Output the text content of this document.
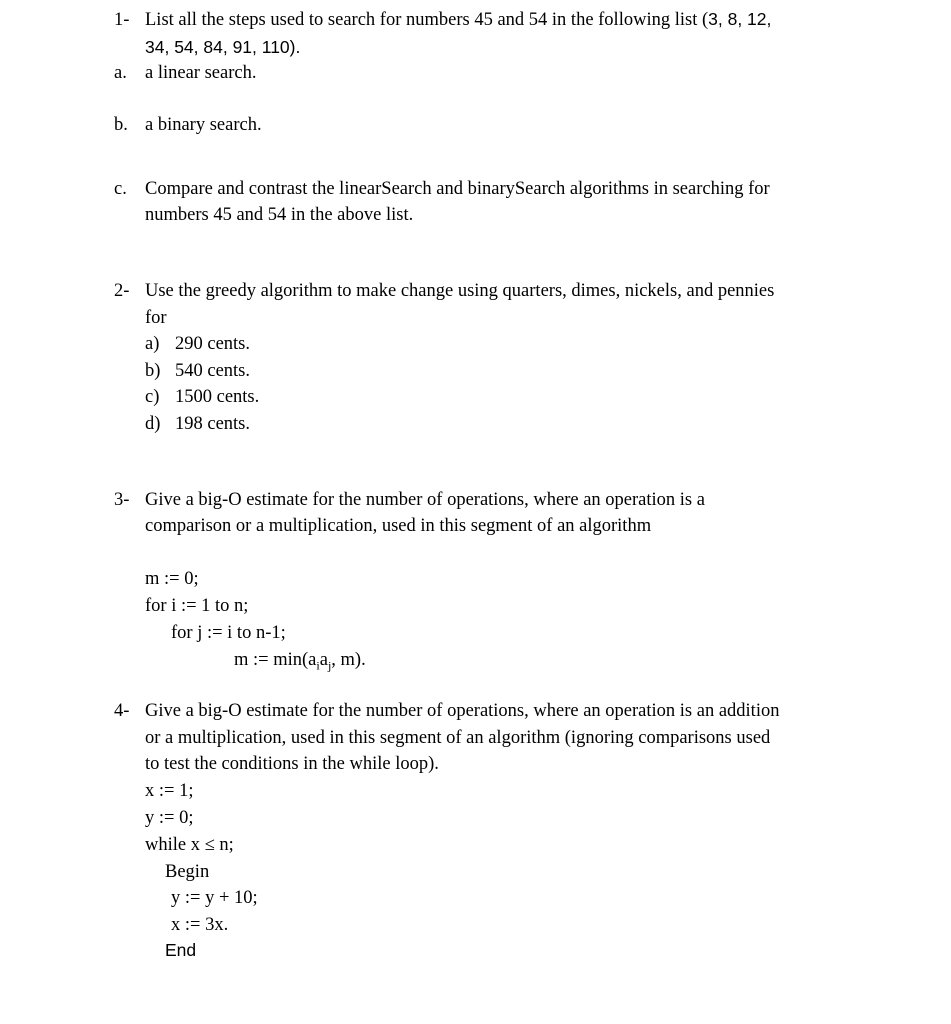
1- List all the steps used to search for numbers 45 and 54 in the following list (3, 8, 12,
34, 54, 84, 91, 110).
a. a linear search.
b. a binary search.
c. Compare and contrast the linearSearch and binarySearch algorithms in searching for
numbers 45 and 54 in the above list.
2- Use the greedy algorithm to make change using quarters, dimes, nickels, and pennies
for
a) 290 cents.
b) 540 cents.
c) 1500 cents.
d) 198 cents.
3- Give a big-O estimate for the number of operations, where an operation is a
comparison or a multiplication, used in this segment of an algorithm
m := 0;
for i := 1 to n;
for j := i to n-1;
m := $\min(a_ia_j$, m).
4- Give a big-O estimate for the number of operations, where an operation is an addition
or a multiplication, used in this segment of an algorithm (ignoring comparisons used
to test the conditions in the while loop).
x := 1;
y := 0;
while x ≤ n;
Begin
y := y + 10;
x := 3x.
End
